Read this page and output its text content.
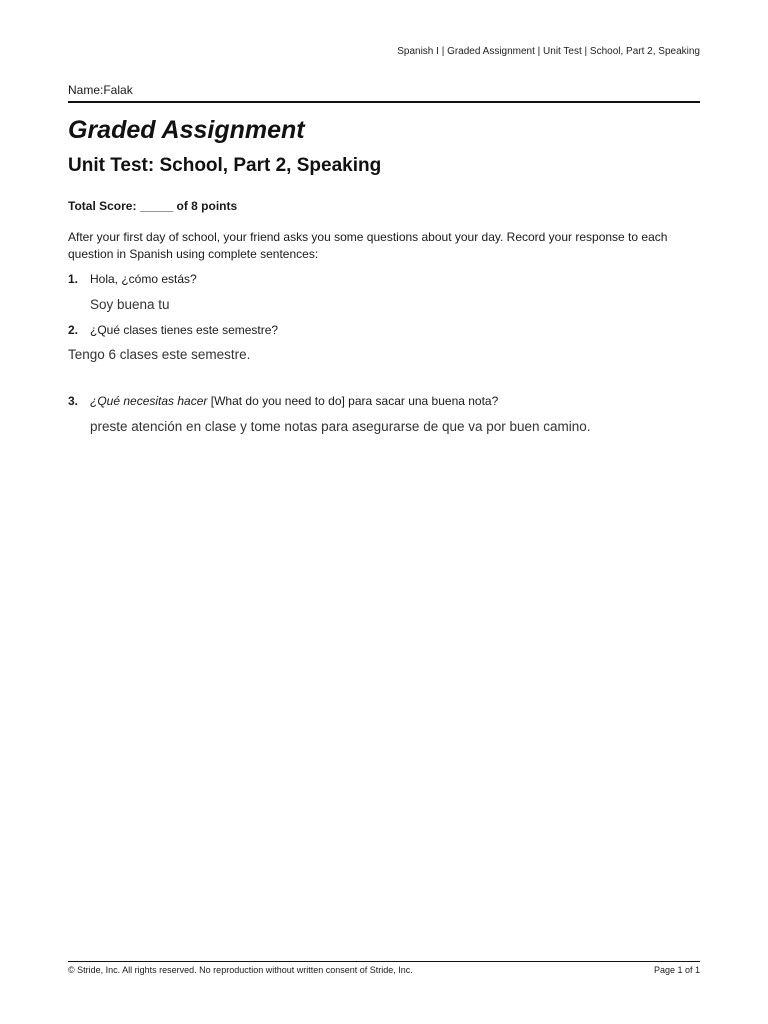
Spanish I | Graded Assignment | Unit Test | School, Part 2, Speaking
Name:Falak
Graded Assignment
Unit Test: School, Part 2, Speaking
Total Score: _____ of 8 points
After your first day of school, your friend asks you some questions about your day. Record your response to each question in Spanish using complete sentences:
1. Hola, ¿cómo estás?
Soy buena tu
2. ¿Qué clases tienes este semestre?
Tengo 6 clases este semestre.
3. ¿Qué necesitas hacer [What do you need to do] para sacar una buena nota?
preste atención en clase y tome notas para asegurarse de que va por buen camino.
© Stride, Inc. All rights reserved. No reproduction without written consent of Stride, Inc.	Page 1 of 1
